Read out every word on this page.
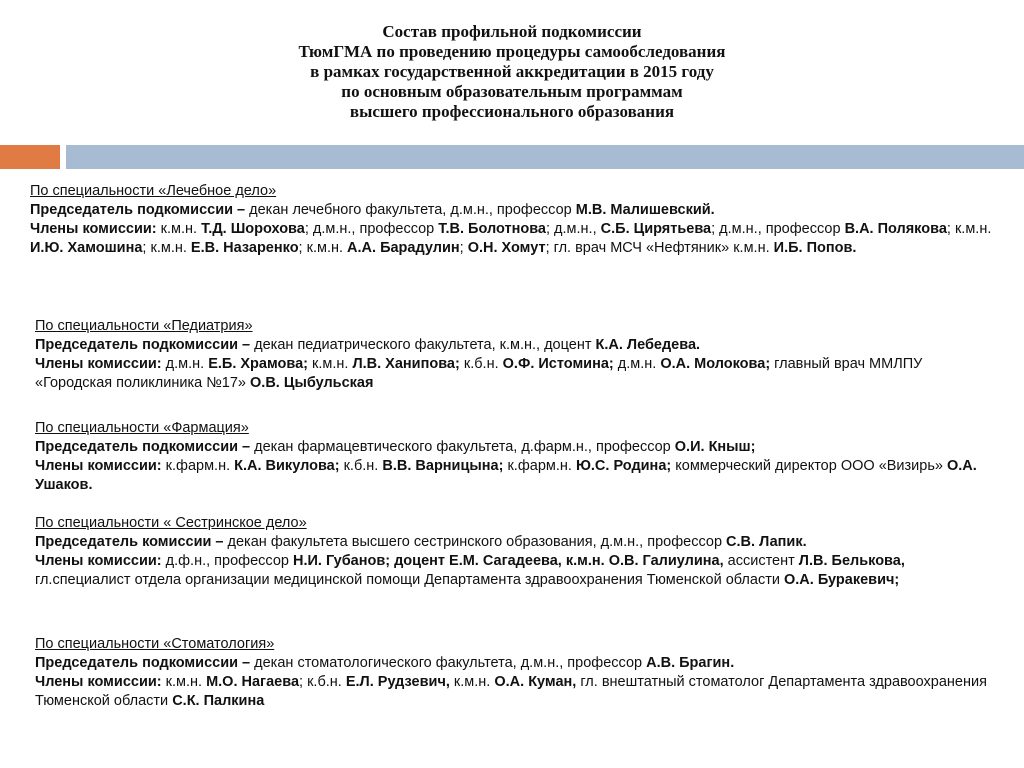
Состав профильной подкомиссии
ТюмГМА по проведению процедуры самообследования
в рамках государственной аккредитации в 2015 году
по основным образовательным программам
высшего профессионального образования

По специальности «Лечебное дело»

Председатель подкомиссии – декан лечебного факультета, д.м.н., профессор М.В. Малишевский.

Члены комиссии: к.м.н. Т.Д. Шорохова; д.м.н., профессор Т.В. Болотнова; д.м.н., С.Б. Цирятьева; д.м.н., профессор В.А. Полякова; к.м.н. И.Ю. Хамошина; к.м.н. Е.В. Назаренко; к.м.н. А.А. Барадулин; О.Н. Хомут; гл. врач МСЧ «Нефтяник» к.м.н. И.Б. Попов.

По специальности «Педиатрия»

Председатель подкомиссии – декан педиатрического факультета, к.м.н., доцент К.А. Лебедева.

Члены комиссии: д.м.н. Е.Б. Храмова; к.м.н. Л.В. Ханипова; к.б.н. О.Ф. Истомина; д.м.н. О.А. Молокова; главный врач ММЛПУ «Городская поликлиника №17» О.В. Цыбульская

По специальности «Фармация»

Председатель подкомиссии – декан фармацевтического факультета, д.фарм.н., профессор О.И. Кныш;

Члены комиссии: к.фарм.н. К.А. Викулова; к.б.н. В.В. Варницына; к.фарм.н. Ю.С. Родина; коммерческий директор ООО «Визирь» О.А. Ушаков.

По специальности « Сестринское дело»

Председатель комиссии – декан факультета высшего сестринского образования, д.м.н., профессор С.В. Лапик.

Члены комиссии: д.ф.н., профессор Н.И. Губанов; доцент Е.М. Сагадеева, к.м.н. О.В. Галиулина, ассистент Л.В. Белькова, гл.специалист отдела организации медицинской помощи Департамента здравоохранения Тюменской области О.А. Буракевич;

По специальности «Стоматология»

Председатель подкомиссии – декан стоматологического факультета, д.м.н., профессор А.В. Брагин.

Члены комиссии: к.м.н. М.О. Нагаева; к.б.н. Е.Л. Рудзевич, к.м.н. О.А. Куман, гл. внештатный стоматолог Департамента здравоохранения Тюменской области С.К. Палкина
